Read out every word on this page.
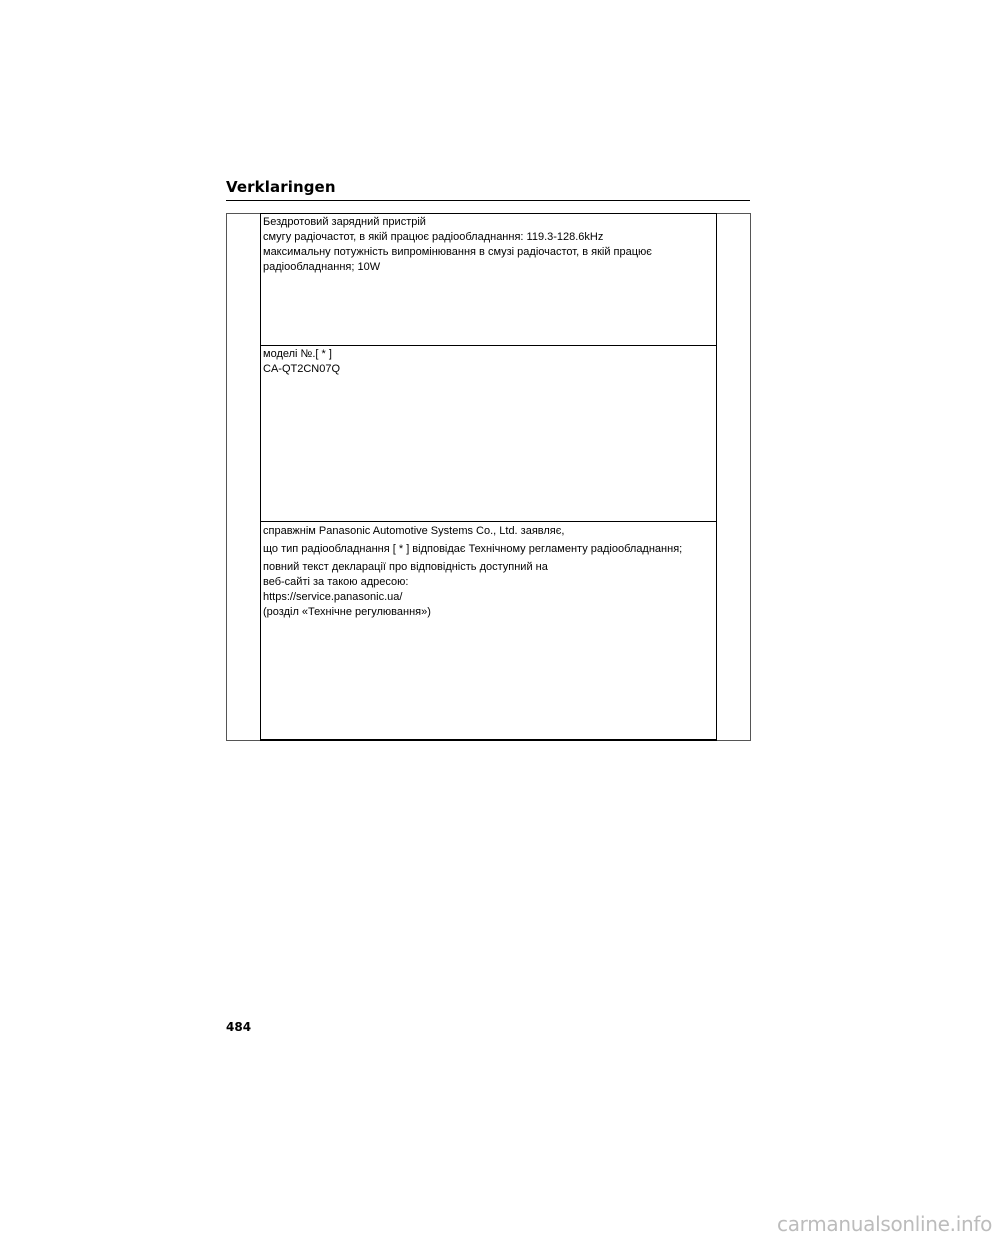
Verklaringen
Бездротовий зарядний пристрій
смугу радіочастот, в якій працює радіообладнання: 119.3-128.6kHz
максимальну потужність випромінювання в смузі радіочастот, в якій працює
радіообладнання; 10W
моделі №.[ * ]
CA-QT2CN07Q
справжнім Panasonic Automotive Systems Co., Ltd. заявляє,
що тип радіообладнання [ * ] відповідає Технічному регламенту радіообладнання;
повний текст декларації про відповідність доступний на
веб-сайті за такою адресою:
https://service.panasonic.ua/
(розділ «Технічне регулювання»)
484
carmanualsonline.info
